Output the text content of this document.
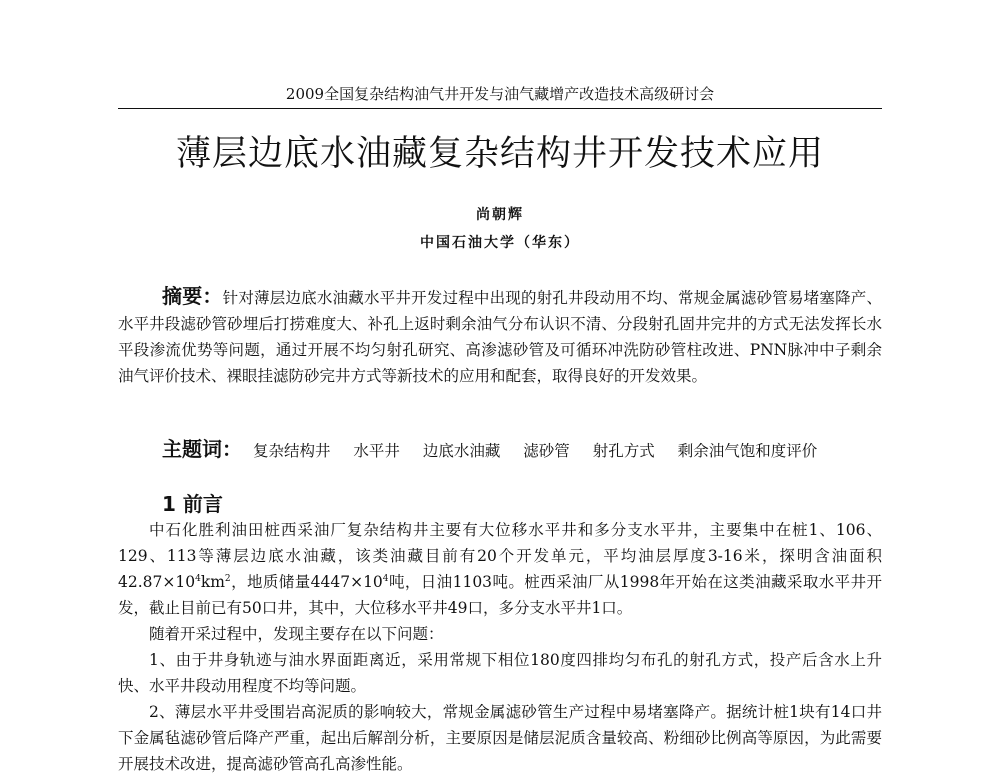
2009全国复杂结构油气井开发与油气藏增产改造技术高级研讨会
薄层边底水油藏复杂结构井开发技术应用
尚朝辉
中国石油大学（华东）

摘要：针对薄层边底水油藏水平井开发过程中出现的射孔井段动用不均、常规金属滤砂管易堵塞降产、水平井段滤砂管砂埋后打捞难度大、补孔上返时剩余油气分布认识不清、分段射孔固井完井的方式无法发挥长水平段渗流优势等问题，通过开展不均匀射孔研究、高渗滤砂管及可循环冲洗防砂管柱改进、PNN脉冲中子剩余油气评价技术、裸眼挂滤防砂完井方式等新技术的应用和配套，取得良好的开发效果。

主题词： 复杂结构井 水平井 边底水油藏 滤砂管 射孔方式 剩余油气饱和度评价
1 前言

中石化胜利油田桩西采油厂复杂结构井主要有大位移水平井和多分支水平井，主要集中在桩1、106、129、113等薄层边底水油藏，该类油藏目前有20个开发单元，平均油层厚度3-16米，探明含油面积$42.87\times 10^4km^2$，地质储量$4447\times 10^4$吨，日油1103吨。桩西采油厂从1998年开始在这类油藏采取水平井开发，截止目前已有50口井，其中，大位移水平井49口，多分支水平井1口。

随着开采过程中，发现主要存在以下问题：

1、由于井身轨迹与油水界面距离近，采用常规下相位180度四排均匀布孔的射孔方式，投产后含水上升快、水平井段动用程度不均等问题。

2、薄层水平井受围岩高泥质的影响较大，常规金属滤砂管生产过程中易堵塞降产。据统计桩1块有14口井下金属毡滤砂管后降产严重，起出后解剖分析，主要原因是储层泥质含量较高、粉细砂比例高等原因，为此需要开展技术改进，提高滤砂管高孔高渗性能。
